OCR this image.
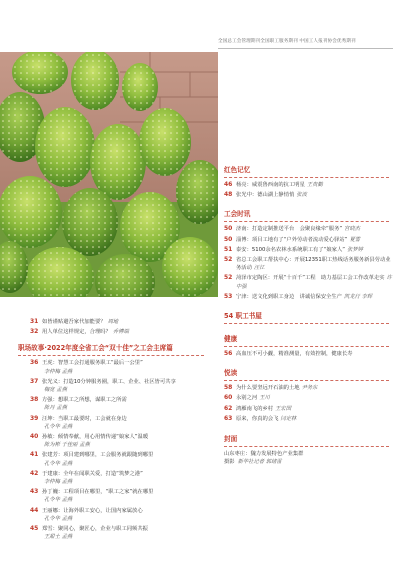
全国总工会管理期刊全国职工服务期刊 中国工人报刊协会优秀期刊
31 如皆谨贴避吾家代加能要？ 周地
32 用人单位这样规定，合理吗？ 乔博端
职场故事·2022年度全省工会“双十佳”之工会主席篇
36 王虎：智慧工会打通服务职工“最后一公里”
李仲梅 孟燕
37 张光义：打造10分钟服务圈，职工、企业、社区皆可共享
梅宽 孟燕
38 方强：想职工之所想，谋职工之所需
陈丹 孟燕
39 汪坤：当职工最要时，工会就在身边
孔令华 孟燕
40 孙敏：倾情奉献，用心用情传递“娘家人”温暖
陈为彬 于佳丽 孟燕
41 张建芳：项目建到哪里，工会服务就跟随到哪里
孔令华 孟燕
42 于建康：全年在闻职关爱，打造“筑梦之港”
李仲梅 孟燕
43 孙丁巍：工程项目在哪里，“职工之家”就在哪里
孔令华 孟燕
44 王丽娜：让海外职工安心，让国内家属放心
孔令华 孟燕
45 郑雪：聚同心，聚匠心，企业与职工同频共振
王甜土 孟燕
红色记忆
46 杨亮：威震鲁西南的抗工明星 王贵勤
48 张光中：德山湖上静悄悄 张波
工会时讯
50 济南：打造定制推送平台　会聚良缘牵“服务” 宫晓杰
50 淄博：项目工地有了“户外劳动者流动爱心驿站” 夏雪
51 泰安：5100余名农林水系统职工有了“娘家人” 张梦婷
52 省总工会职工帮扶中心：开展12351职工热线话务服务新县劳动业务活动 汪江
52 菏泽市定陶区：开展“十百千”工程　助力基层工会工作改革走实 许中强
53 宁津：送文化到职工身边　讲诚信保安全生产 凯龙行 李辉
54 职工书屋
健康
56 高血压不可小觑，精准测量，有效控制，健康长寿
悦读
58 为什么要坚远开石油的土地 尹务东
60 永别之河 王川
62 鸿雁南飞的乡村 王宏国
63 原来，你真的会飞 闫定林
封面
山东枣庄：魏力发展特色产业集群
摄影 新华社记者 郭绪雷
